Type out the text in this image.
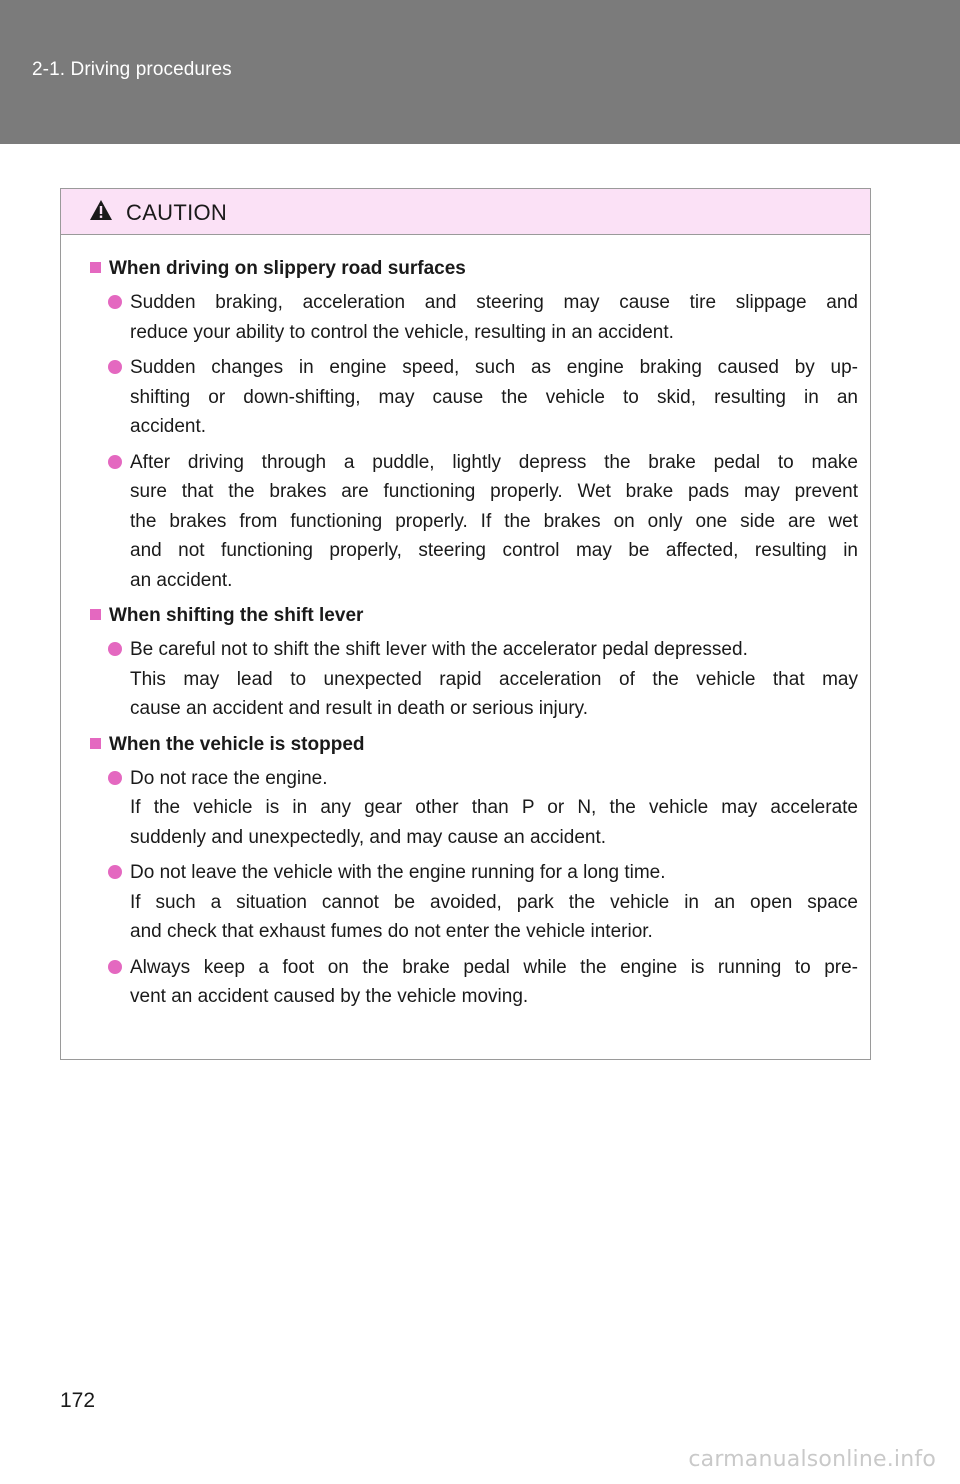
2-1. Driving procedures
CAUTION
When driving on slippery road surfaces
Sudden braking, acceleration and steering may cause tire slippage and
reduce your ability to control the vehicle, resulting in an accident.
Sudden changes in engine speed, such as engine braking caused by up-
shifting or down-shifting, may cause the vehicle to skid, resulting in an
accident.
After driving through a puddle, lightly depress the brake pedal to make
sure that the brakes are functioning properly. Wet brake pads may prevent
the brakes from functioning properly. If the brakes on only one side are wet
and not functioning properly, steering control may be affected, resulting in
an accident.
When shifting the shift lever
Be careful not to shift the shift lever with the accelerator pedal depressed.
This may lead to unexpected rapid acceleration of the vehicle that may
cause an accident and result in death or serious injury.
When the vehicle is stopped
Do not race the engine.
If the vehicle is in any gear other than P or N, the vehicle may accelerate
suddenly and unexpectedly, and may cause an accident.
Do not leave the vehicle with the engine running for a long time.
If such a situation cannot be avoided, park the vehicle in an open space
and check that exhaust fumes do not enter the vehicle interior.
Always keep a foot on the brake pedal while the engine is running to pre-
vent an accident caused by the vehicle moving.
172
carmanualsonline.info
